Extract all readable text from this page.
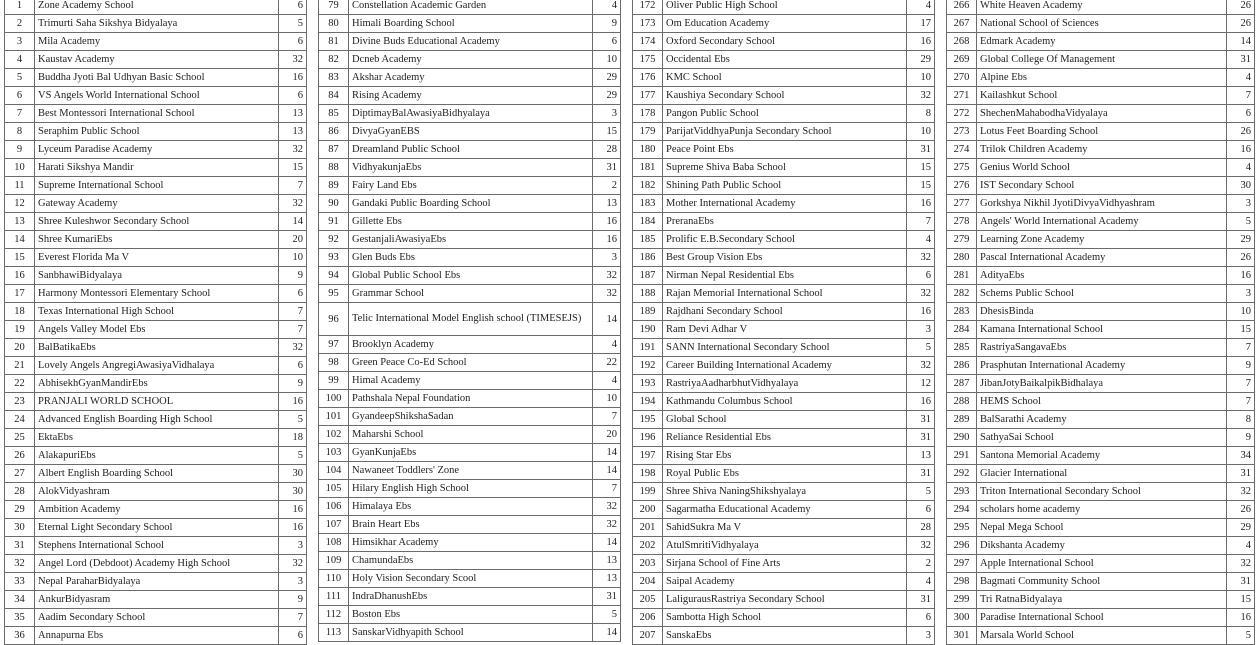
1	Zone Academy School	6
2	Trimurti Saha Sikshya Bidyalaya	5
3	Mila Academy	6
4	Kaustav Academy	32
5	Buddha Jyoti Bal Udhyan Basic School	16
6	VS Angels World International School	6
7	Best Montessori International School	13
8	Seraphim Public School	13
9	Lyceum Paradise Academy	32
10	Harati Sikshya Mandir	15
11	Supreme International School	7
12	Gateway Academy	32
13	Shree Kuleshwor Secondary School	14
14	Shree KumariEbs	20
15	Everest Florida Ma V	10
16	SanbhawiBidyalaya	9
17	Harmony Montessori Elementary School	6
18	Texas International High School	7
19	Angels Valley Model Ebs	7
20	BalBatikaEbs	32
21	Lovely Angels AngregiAwasiyaVidhalaya	6
22	AbhisekhGyanMandirEbs	9
23	PRANJALI WORLD SCHOOL	16
24	Advanced English Boarding High School	5
25	EktaEbs	18
26	AlakapuriEbs	5
27	Albert English Boarding School	30
28	AlokVidyashram	30
29	Ambition Academy	16
30	Eternal Light Secondary School	16
31	Stephens International School	3
32	Angel Lord (Debdoot) Academy High School	32
33	Nepal ParaharBidyalaya	3
34	AnkurBidyasram	9
35	Aadim Secondary School	7
36	Annapurna Ebs	6
79	Constellation Academic Garden	4
80	Himali Boarding School	9
81	Divine Buds Educational Academy	6
82	Dcneb Academy	10
83	Akshar Academy	29
84	Rising Academy	29
85	DiptimayBalAwasiyaBidhyalaya	3
86	DivyaGyanEBS	15
87	Dreamland Public School	28
88	VidhyakunjaEbs	31
89	Fairy Land Ebs	2
90	Gandaki Public Boarding School	13
91	Gillette Ebs	16
92	GestanjaliAwasiyaEbs	16
93	Glen Buds Ebs	3
94	Global Public School Ebs	32
95	Grammar School	32
96	Telic International Model English school (TIMESEJS)	14
97	Brooklyn Academy	4
98	Green Peace Co-Ed School	22
99	Himal Academy	4
100	Pathshala Nepal Foundation	10
101	GyandeepShikshaSadan	7
102	Maharshi School	20
103	GyanKunjaEbs	14
104	Nawaneet Toddlers' Zone	14
105	Hilary English High School	7
106	Himalaya Ebs	32
107	Brain Heart Ebs	32
108	Himsikhar Academy	14
109	ChamundaEbs	13
110	Holy Vision Secondary Scool	13
111	IndraDhanushEbs	31
112	Boston Ebs	5
113	SanskarVidhyapith School	14
172	Oliver Public High School	4
173	Om Education Academy	17
174	Oxford Secondary School	16
175	Occidental Ebs	29
176	KMC School	10
177	Kaushiya Secondary School	32
178	Pangon Public School	8
179	ParijatViddhyaPunja Secondary School	10
180	Peace Point Ebs	31
181	Supreme Shiva Baba School	15
182	Shining Path Public School	15
183	Mother International Academy	16
184	PreranaEbs	7
185	Prolific E.B.Secondary School	4
186	Best Group Vision Ebs	32
187	Nirman Nepal Residential Ebs	6
188	Rajan Memorial International School	32
189	Rajdhani Secondary School	16
190	Ram Devi Adhar V	3
191	SANN International Secondary School	5
192	Career Building International Academy	32
193	RastriyaAadharbhutVidhyalaya	12
194	Kathmandu Columbus School	16
195	Global School	31
196	Reliance Residential Ebs	31
197	Rising Star Ebs	13
198	Royal Public Ebs	31
199	Shree Shiva NaningShikshyalaya	5
200	Sagarmatha Educational Academy	6
201	SahidSukra Ma V	28
202	AtulSmritiVidhyalaya	32
203	Sirjana School of Fine Arts	2
204	Saipal Academy	4
205	LaligurausRastriya Secondary School	31
206	Sambotta High School	6
207	SanskaEbs	3
266	White Heaven Academy	26
267	National School of Sciences	26
268	Edmark Academy	14
269	Global College Of Management	31
270	Alpine Ebs	4
271	Kailashkut School	7
272	ShechenMahabodhaVidyalaya	6
273	Lotus Feet Boarding School	26
274	Trilok Children Academy	16
275	Genius World School	4
276	IST Secondary School	30
277	Gorkshya Nikhil JyotiDivyaVidhyashram	3
278	Angels' World International Academy	5
279	Learning Zone Academy	29
280	Pascal International Academy	26
281	AdityaEbs	16
282	Schems Public School	3
283	DhesisBinda	10
284	Kamana International School	15
285	RastriyaSangavaEbs	7
286	Prasphutan International Academy	9
287	JibanJotyBaikalpikBidhalaya	7
288	HEMS School	7
289	BalSarathi Academy	8
290	SathyaSai School	9
291	Santona Memorial Academy	34
292	Glacier International	31
293	Triton International Secondary School	32
294	scholars home academy	26
295	Nepal Mega School	29
296	Dikshanta Academy	4
297	Apple International School	32
298	Bagmati Community School	31
299	Tri RatnaBidyalaya	15
300	Paradise International School	16
301	Marsala World School	5
